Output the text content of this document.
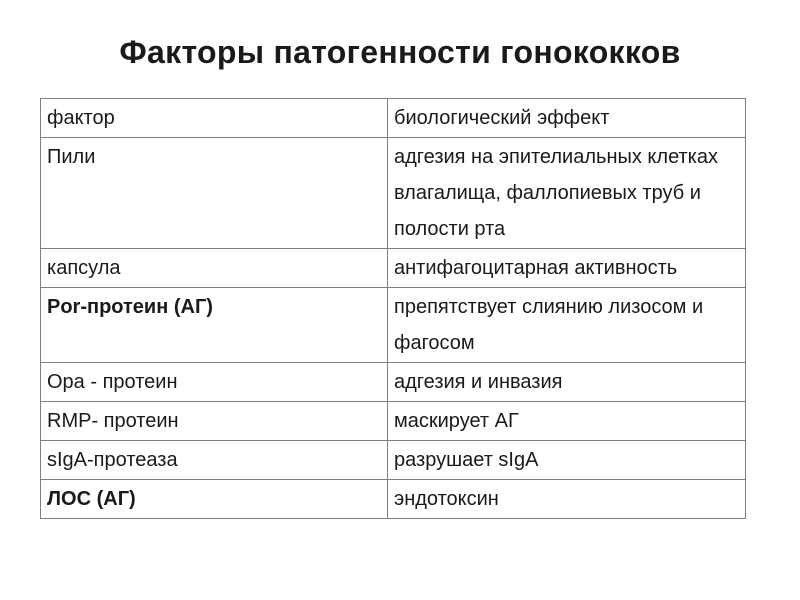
Факторы патогенности гонококков
фактор	биологический эффект
Пили	адгезия на эпителиальных клетках влагалища, фаллопиевых труб и полости рта
капсула	антифагоцитарная активность
Por-протеин (АГ)	препятствует слиянию лизосом и фагосом
Opa - протеин	адгезия и инвазия
RMP- протеин	маскирует АГ
sIgA-протеаза	разрушает sIgA
ЛОС (АГ)	эндотоксин
